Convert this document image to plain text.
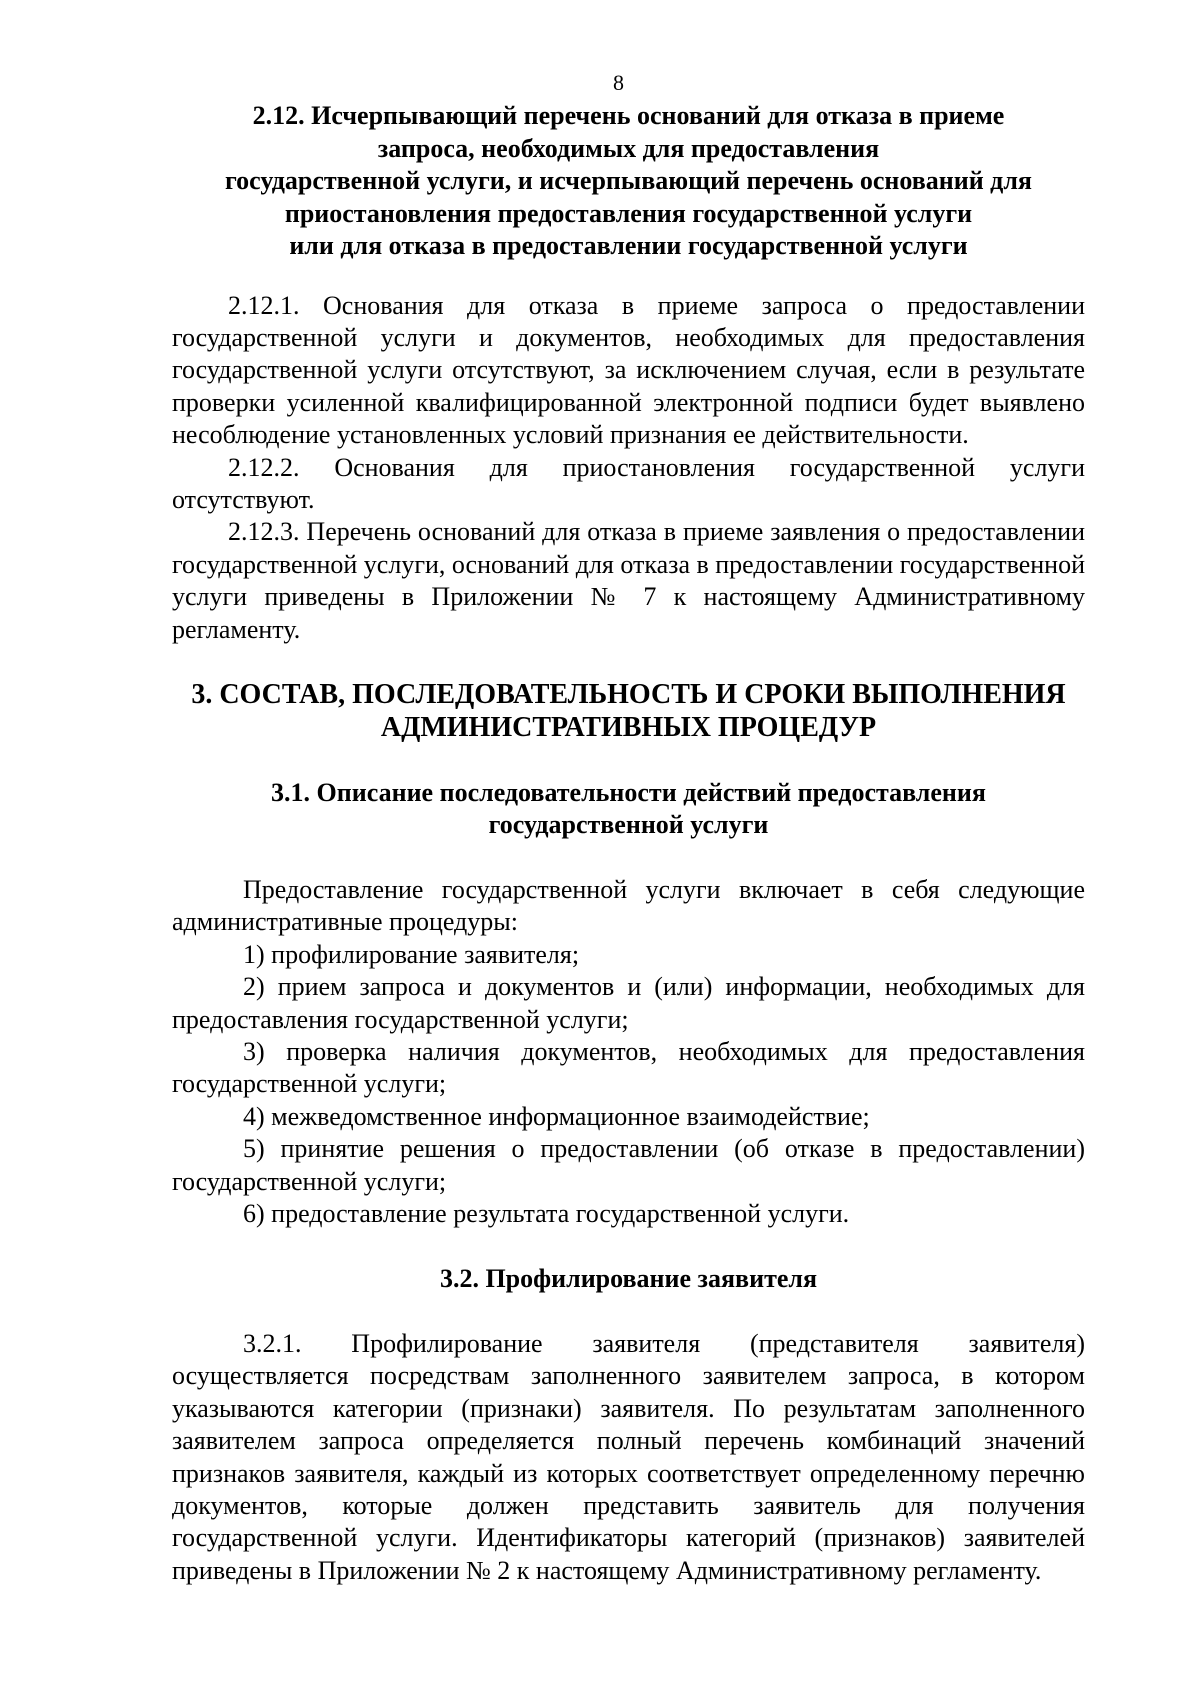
8
2.12. Исчерпывающий перечень оснований для отказа в приеме
запроса, необходимых для предоставления
государственной услуги, и исчерпывающий перечень оснований для
приостановления предоставления государственной услуги
или для отказа в предоставлении государственной услуги

2.12.1. Основания для отказа в приеме запроса о предоставлении государственной услуги и документов, необходимых для предоставления государственной услуги отсутствуют, за исключением случая, если в результате проверки усиленной квалифицированной электронной подписи будет выявлено несоблюдение установленных условий признания ее действительности.

2.12.2. Основания для приостановления государственной услуги отсутствуют.

2.12.3. Перечень оснований для отказа в приеме заявления о предоставлении государственной услуги, оснований для отказа в предоставлении государственной услуги приведены в Приложении № 7 к настоящему Административному регламенту.

3. СОСТАВ, ПОСЛЕДОВАТЕЛЬНОСТЬ И СРОКИ ВЫПОЛНЕНИЯ
АДМИНИСТРАТИВНЫХ ПРОЦЕДУР
3.1. Описание последовательности действий предоставления
государственной услуги

Предоставление государственной услуги включает в себя следующие административные процедуры:

1) профилирование заявителя;

2) прием запроса и документов и (или) информации, необходимых для предоставления государственной услуги;

3) проверка наличия документов, необходимых для предоставления государственной услуги;

4) межведомственное информационное взаимодействие;

5) принятие решения о предоставлении (об отказе в предоставлении) государственной услуги;

6) предоставление результата государственной услуги.

3.2. Профилирование заявителя

3.2.1. Профилирование заявителя (представителя заявителя) осуществляется посредствам заполненного заявителем запроса, в котором указываются категории (признаки) заявителя. По результатам заполненного заявителем запроса определяется полный перечень комбинаций значений признаков заявителя, каждый из которых соответствует определенному перечню документов, которые должен представить заявитель для получения государственной услуги. Идентификаторы категорий (признаков) заявителей приведены в Приложении № 2 к настоящему Административному регламенту.
